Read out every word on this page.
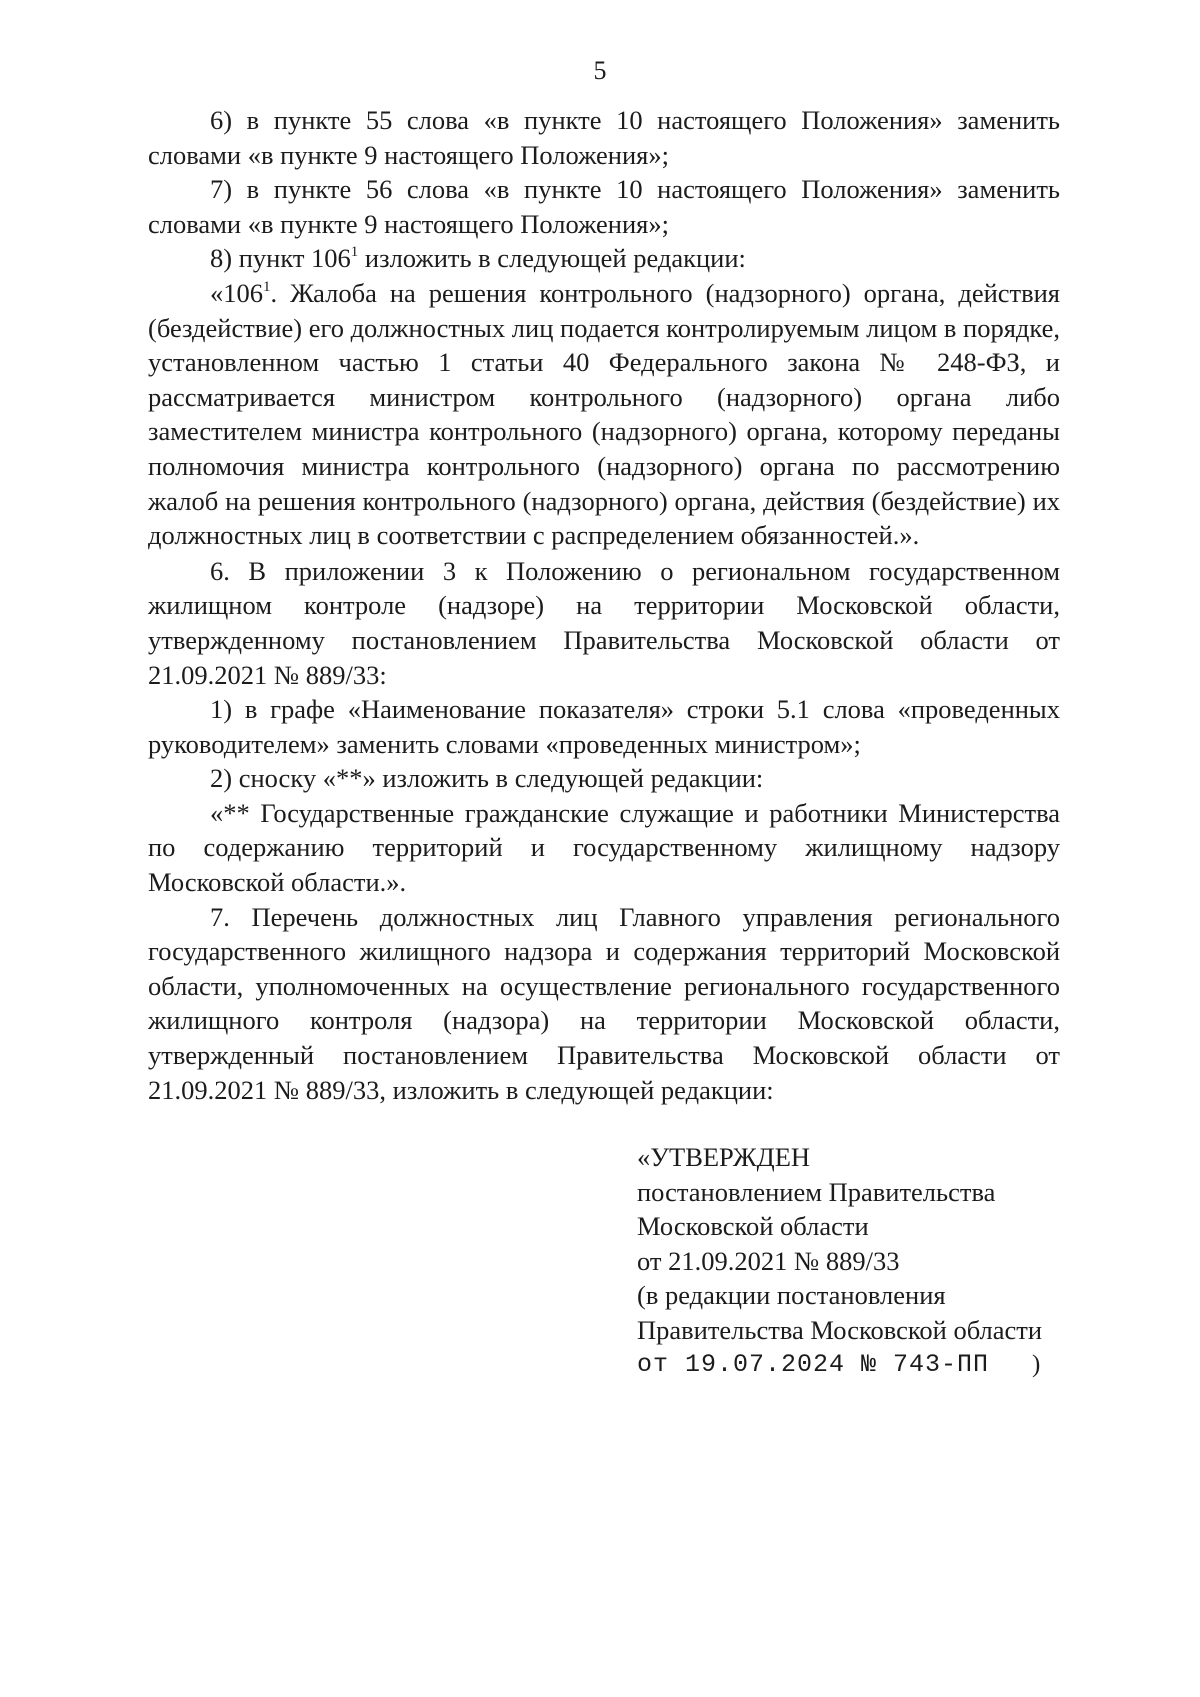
5

6) в пункте 55 слова «в пункте 10 настоящего Положения» заменить словами «в пункте 9 настоящего Положения»;

7) в пункте 56 слова «в пункте 10 настоящего Положения» заменить словами «в пункте 9 настоящего Положения»;

8) пункт $106^1$ изложить в следующей редакции:

«$106^1$. Жалоба на решения контрольного (надзорного) органа, действия (бездействие) его должностных лиц подается контролируемым лицом в порядке, установленном частью 1 статьи 40 Федерального закона № 248-ФЗ, и рассматривается министром контрольного (надзорного) органа либо заместителем министра контрольного (надзорного) органа, которому переданы полномочия министра контрольного (надзорного) органа по рассмотрению жалоб на решения контрольного (надзорного) органа, действия (бездействие) их должностных лиц в соответствии с распределением обязанностей.».

6. В приложении 3 к Положению о региональном государственном жилищном контроле (надзоре) на территории Московской области, утвержденному постановлением Правительства Московской области от 21.09.2021 № 889/33:

1) в графе «Наименование показателя» строки 5.1 слова «проведенных руководителем» заменить словами «проведенных министром»;

2) сноску «**» изложить в следующей редакции:

«** Государственные гражданские служащие и работники Министерства по содержанию территорий и государственному жилищному надзору Московской области.».

7. Перечень должностных лиц Главного управления регионального государственного жилищного надзора и содержания территорий Московской области, уполномоченных на осуществление регионального государственного жилищного контроля (надзора) на территории Московской области, утвержденный постановлением Правительства Московской области от 21.09.2021 № 889/33, изложить в следующей редакции:

«УТВЕРЖДЕН
постановлением Правительства
Московской области
от 21.09.2021 № 889/33
(в редакции постановления
Правительства Московской области
от 19.07.2024 № 743-ПП )
